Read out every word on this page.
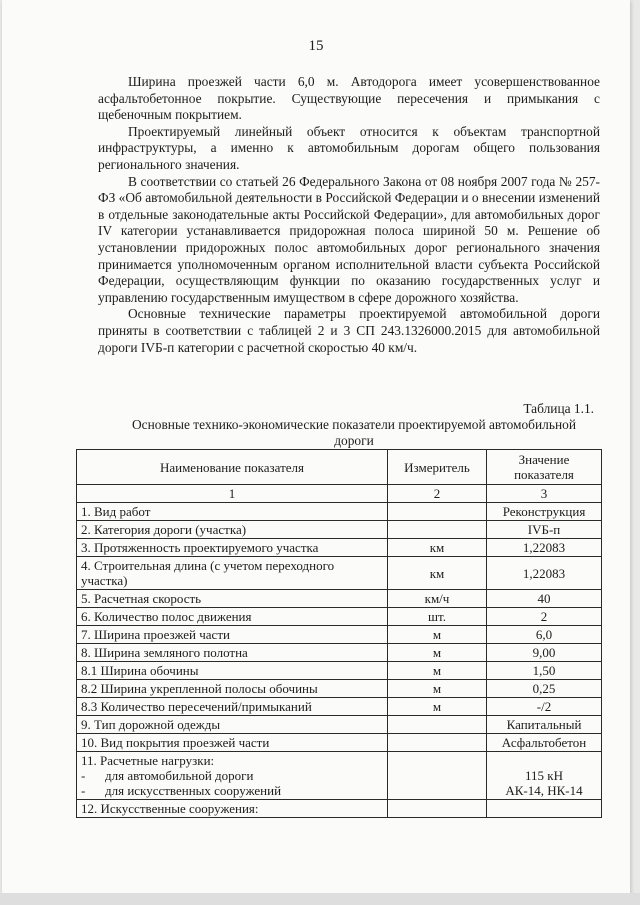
15

Ширина проезжей части 6,0 м. Автодорога имеет усовершенствованное асфальтобетонное покрытие. Существующие пересечения и примыкания с щебеночным покрытием.

Проектируемый линейный объект относится к объектам транспортной инфраструктуры, а именно к автомобильным дорогам общего пользования регионального значения.

В соответствии со статьей 26 Федерального Закона от 08 ноября 2007 года № 257-ФЗ «Об автомобильной деятельности в Российской Федерации и о внесении изменений в отдельные законодательные акты Российской Федерации», для автомобильных дорог IV категории устанавливается придорожная полоса шириной 50 м. Решение об установлении придорожных полос автомобильных дорог регионального значения принимается уполномоченным органом исполнительной власти субъекта Российской Федерации, осуществляющим функции по оказанию государственных услуг и управлению государственным имуществом в сфере дорожного хозяйства.

Основные технические параметры проектируемой автомобильной дороги приняты в соответствии с таблицей 2 и 3 СП 243.1326000.2015 для автомобильной дороги IVБ-п категории с расчетной скоростью 40 км/ч.

Таблица 1.1.
Основные технико-экономические показатели проектируемой автомобильной дороги
Наименование показателя	Измеритель	Значение показателя
1	2	3
1. Вид работ		Реконструкция
2. Категория дороги (участка)		IVБ-п
3. Протяженность проектируемого участка	км	1,22083
4. Строительная длина (с учетом переходного участка)	км	1,22083
5. Расчетная скорость	км/ч	40
6. Количество полос движения	шт.	2
7. Ширина проезжей части	м	6,0
8. Ширина земляного полотна	м	9,00
8.1 Ширина обочины	м	1,50
8.2 Ширина укрепленной полосы обочины	м	0,25
8.3 Количество пересечений/примыканий	м	-/2
9. Тип дорожной одежды		Капитальный
10. Вид покрытия проезжей части		Асфальтобетон

11. Расчетные нагрузки:
- для автомобильной дороги
- для искусственных сооружений		115 кН
АК-14, НК-14

12. Искусственные сооружения:		
